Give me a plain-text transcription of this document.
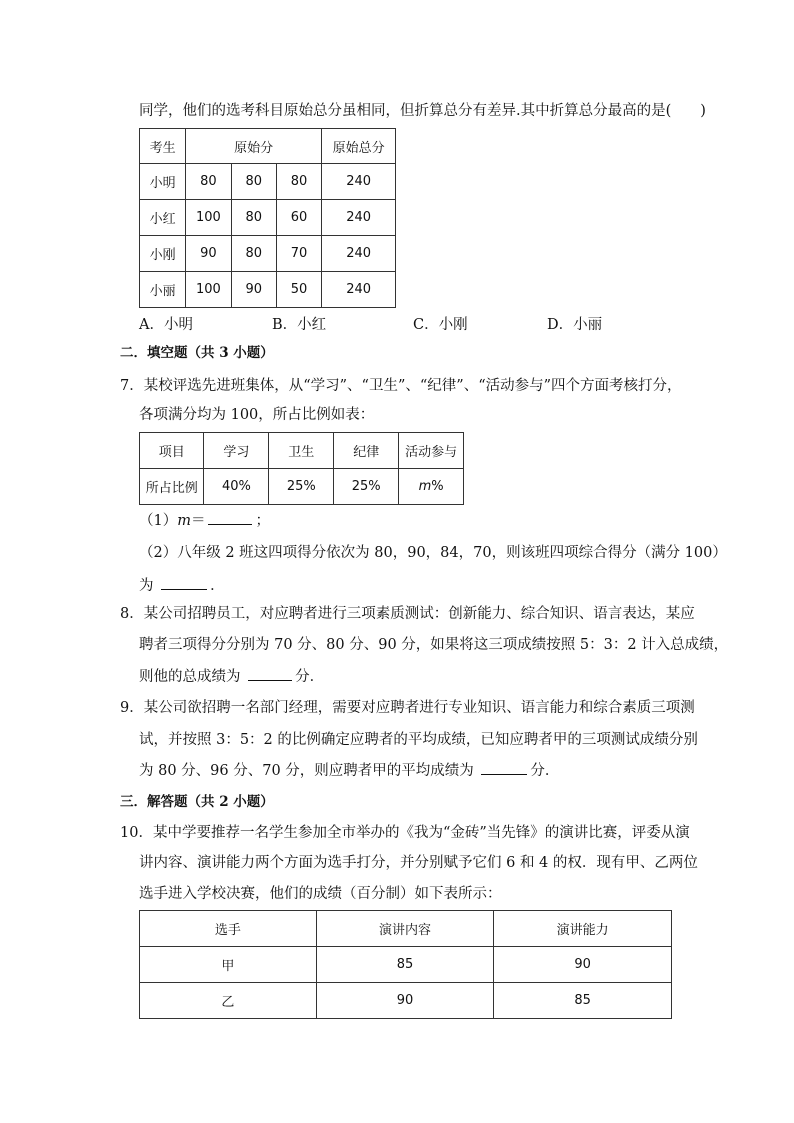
同学，他们的选考科目原始总分虽相同，但折算总分有差异.其中折算总分最高的是(　　)
考生	原始分			原始总分
小明	80	80	80	240
小红	100	80	60	240
小刚	90	80	70	240
小丽	100	90	50	240
A．小明	B．小红	C．小刚	D．小丽
二．填空题（共 3 小题）
7．某校评选先进班集体，从“学习”、“卫生”、“纪律”、“活动参与”四个方面考核打分，
各项满分均为 100，所占比例如表：
项目	学习	卫生	纪律	活动参与
所占比例	40%	25%	25%	m%
（1）m＝	；
（2）八年级 2 班这四项得分依次为 80，90，84，70，则该班四项综合得分（满分 100）
为	．
8．某公司招聘员工，对应聘者进行三项素质测试：创新能力、综合知识、语言表达，某应
聘者三项得分分别为 70 分、80 分、90 分，如果将这三项成绩按照 5：3：2 计入总成绩，
则他的总成绩为	分．
9．某公司欲招聘一名部门经理，需要对应聘者进行专业知识、语言能力和综合素质三项测
试，并按照 3：5：2 的比例确定应聘者的平均成绩，已知应聘者甲的三项测试成绩分别
为 80 分、96 分、70 分，则应聘者甲的平均成绩为	分．
三．解答题（共 2 小题）
10．某中学要推荐一名学生参加全市举办的《我为“金砖”当先锋》的演讲比赛，评委从演
讲内容、演讲能力两个方面为选手打分，并分别赋予它们 6 和 4 的权．现有甲、乙两位
选手进入学校决赛，他们的成绩（百分制）如下表所示：
选手	演讲内容	演讲能力
甲	85	90
乙	90	85
